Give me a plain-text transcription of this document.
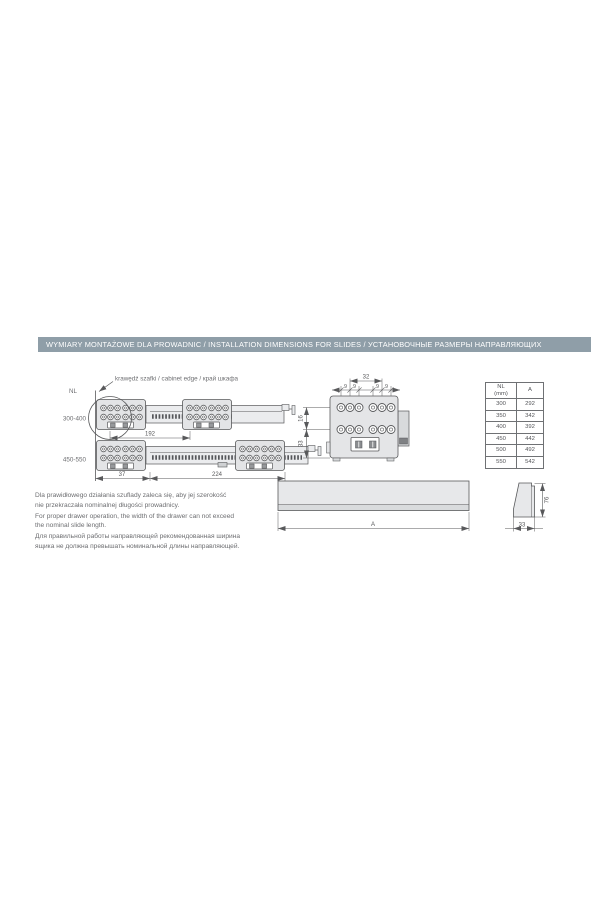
WYMIARY MONTAŻOWE DLA PROWADNIC / INSTALLATION DIMENSIONS FOR SLIDES / УСТАНОВОЧНЫЕ РАЗМЕРЫ НАПРАВЛЯЮЩИХ
krawędź szafki / cabinet edge / край шкафа
NL
300-400
192
450-550
37	224
32
9 9	9 9
16
33
A
76
33
NL
(mm)	A
300	292
350	342
400	392
450	442
500	492
550	542
Dla prawidłowego działania szuflady zaleca się, aby jej szerokość
nie przekraczała nominalnej długości prowadnicy.
For proper drawer operation, the width of the drawer can not exceed
the nominal slide length.
Для правильной работы направляющей рекомендованная ширина
ящика не должна превышать номинальной длины направляющей.
